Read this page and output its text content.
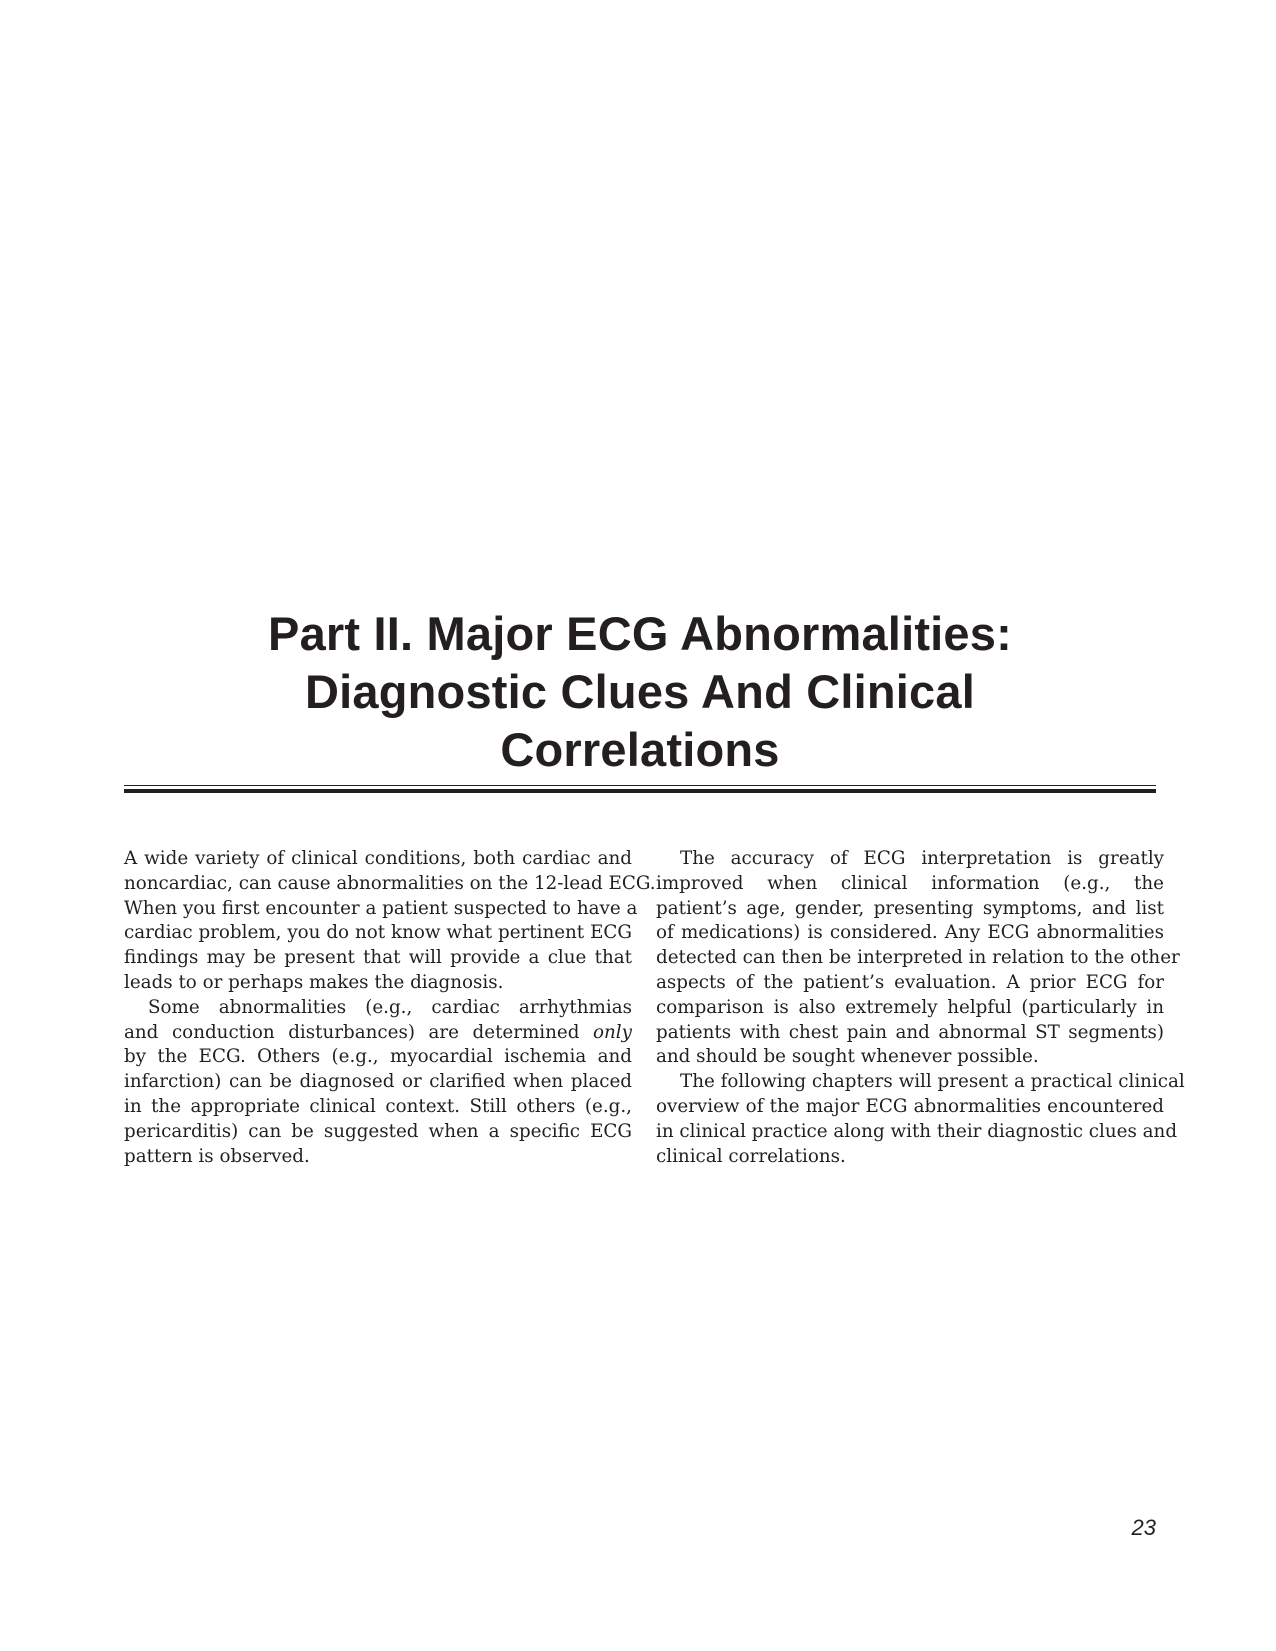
Part II. Major ECG Abnormalities:
Diagnostic Clues And Clinical
Correlations
A wide variety of clinical conditions, both cardiac and
noncardiac, can cause abnormalities on the 12-lead ECG.
When you first encounter a patient suspected to have a
cardiac problem, you do not know what pertinent ECG
findings may be present that will provide a clue that
leads to or perhaps makes the diagnosis.
Some abnormalities (e.g., cardiac arrhythmias
and conduction disturbances) are determined only
by the ECG. Others (e.g., myocardial ischemia and
infarction) can be diagnosed or clarified when placed
in the appropriate clinical context. Still others (e.g.,
pericarditis) can be suggested when a specific ECG
pattern is observed.
The accuracy of ECG interpretation is greatly
improved when clinical information (e.g., the
patient’s age, gender, presenting symptoms, and list
of medications) is considered. Any ECG abnormalities
detected can then be interpreted in relation to the other
aspects of the patient’s evaluation. A prior ECG for
comparison is also extremely helpful (particularly in
patients with chest pain and abnormal ST segments)
and should be sought whenever possible.
The following chapters will present a practical clinical
overview of the major ECG abnormalities encountered
in clinical practice along with their diagnostic clues and
clinical correlations.
23
